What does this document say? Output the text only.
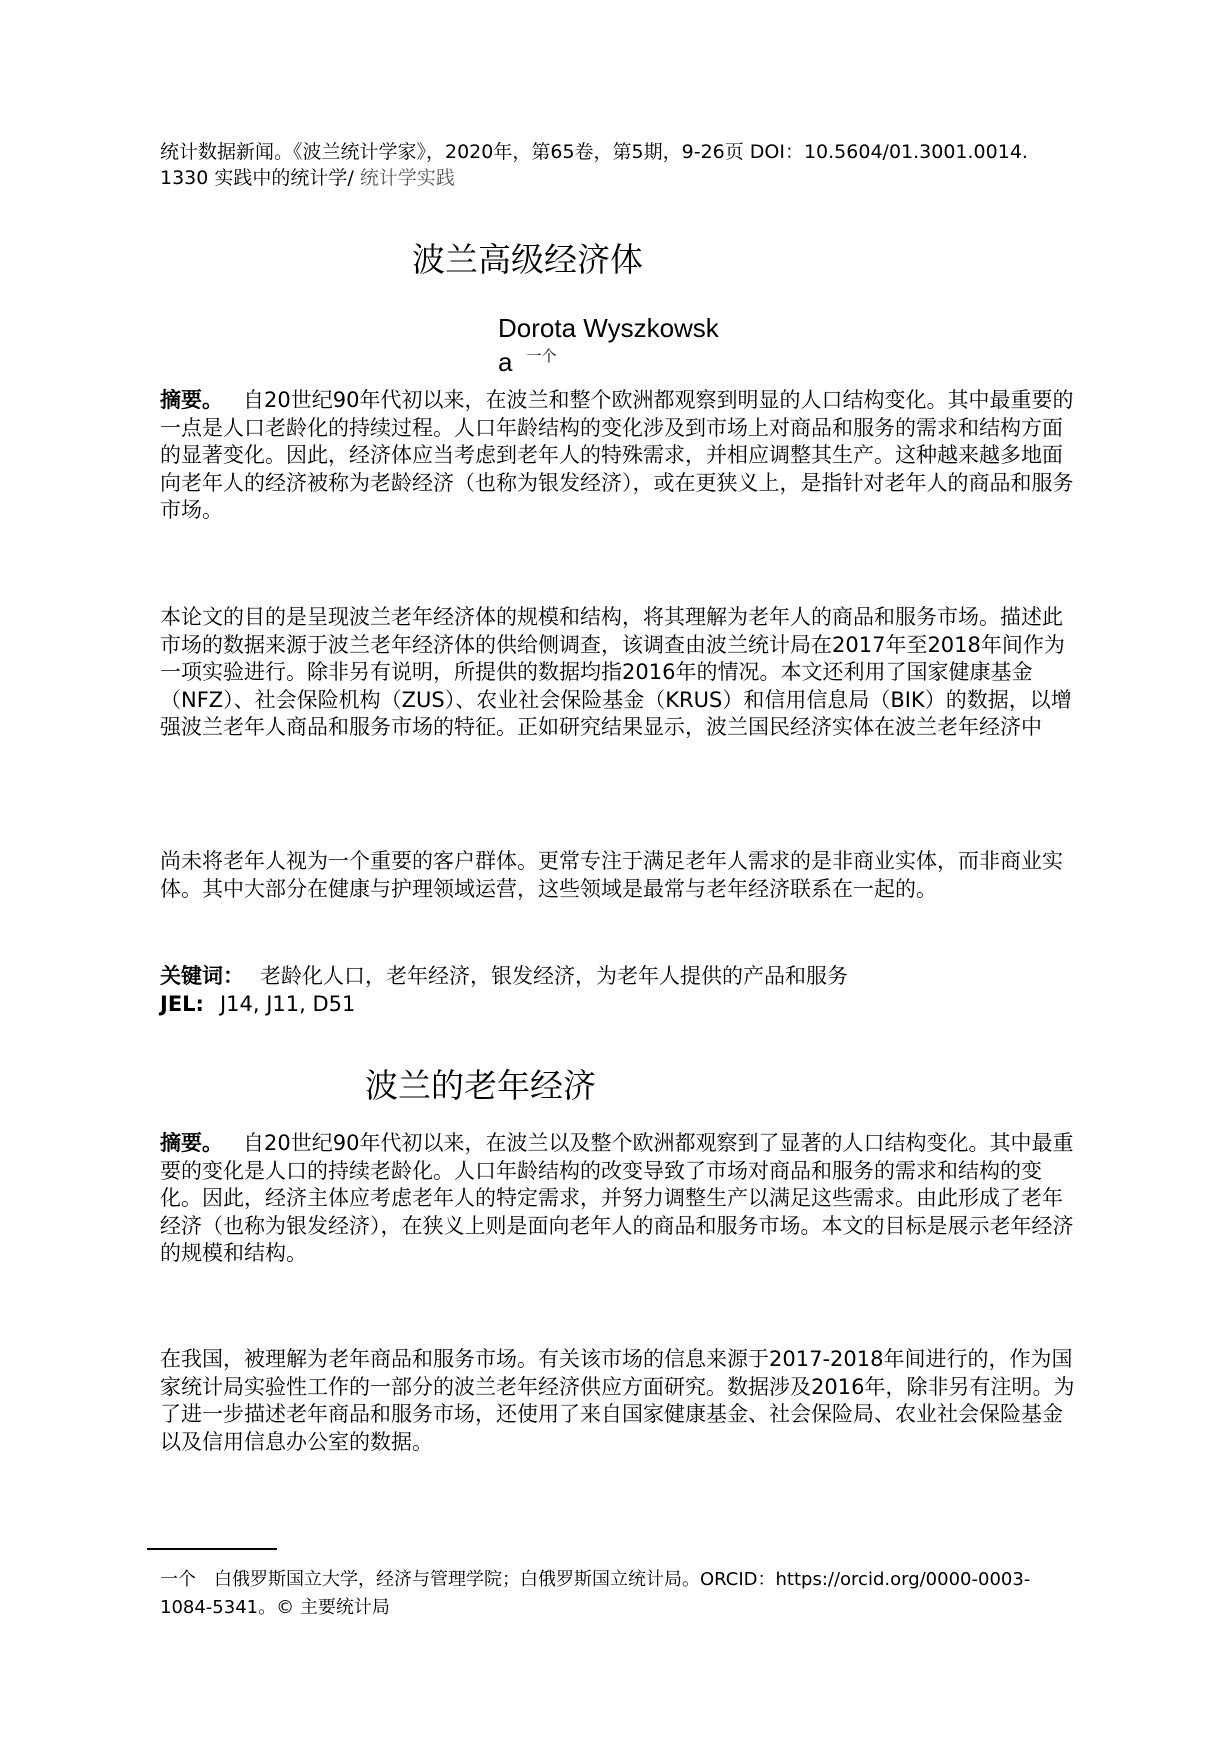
统计数据新闻。《波兰统计学家》，2020年，第65卷，第5期，9-26页 DOI：10.5604/01.3001.0014.
1330 实践中的统计学/ 统计学实践
波兰高级经济体
Dorota Wyszkowsk
a $^{一个}$

摘要。 自20世纪90年代初以来，在波兰和整个欧洲都观察到明显的人口结构变化。其中最重要的一点是人口老龄化的持续过程。人口年龄结构的变化涉及到市场上对商品和服务的需求和结构方面的显著变化。因此，经济体应当考虑到老年人的特殊需求，并相应调整其生产。这种越来越多地面向老年人的经济被称为老龄经济（也称为银发经济），或在更狭义上，是指针对老年人的商品和服务市场。

本论文的目的是呈现波兰老年经济体的规模和结构，将其理解为老年人的商品和服务市场。描述此市场的数据来源于波兰老年经济体的供给侧调查，该调查由波兰统计局在2017年至2018年间作为一项实验进行。除非另有说明，所提供的数据均指2016年的情况。本文还利用了国家健康基金（NFZ）、社会保险机构（ZUS）、农业社会保险基金（KRUS）和信用信息局（BIK）的数据，以增强波兰老年人商品和服务市场的特征。正如研究结果显示，波兰国民经济实体在波兰老年经济中

尚未将老年人视为一个重要的客户群体。更常专注于满足老年人需求的是非商业实体，而非商业实体。其中大部分在健康与护理领域运营，这些领域是最常与老年经济联系在一起的。

关键词： 老龄化人口，老年经济，银发经济，为老年人提供的产品和服务
JEL: J14, J11, D51
波兰的老年经济

摘要。 自20世纪90年代初以来，在波兰以及整个欧洲都观察到了显著的人口结构变化。其中最重要的变化是人口的持续老龄化。人口年龄结构的改变导致了市场对商品和服务的需求和结构的变化。因此，经济主体应考虑老年人的特定需求，并努力调整生产以满足这些需求。由此形成了老年经济（也称为银发经济），在狭义上则是面向老年人的商品和服务市场。本文的目标是展示老年经济的规模和结构。

在我国，被理解为老年商品和服务市场。有关该市场的信息来源于2017-2018年间进行的，作为国家统计局实验性工作的一部分的波兰老年经济供应方面研究。数据涉及2016年，除非另有注明。为了进一步描述老年商品和服务市场，还使用了来自国家健康基金、社会保险局、农业社会保险基金以及信用信息办公室的数据。

一个 白俄罗斯国立大学，经济与管理学院；白俄罗斯国立统计局。ORCID：https://orcid.org/0000-0003-1084-5341。© 主要统计局
